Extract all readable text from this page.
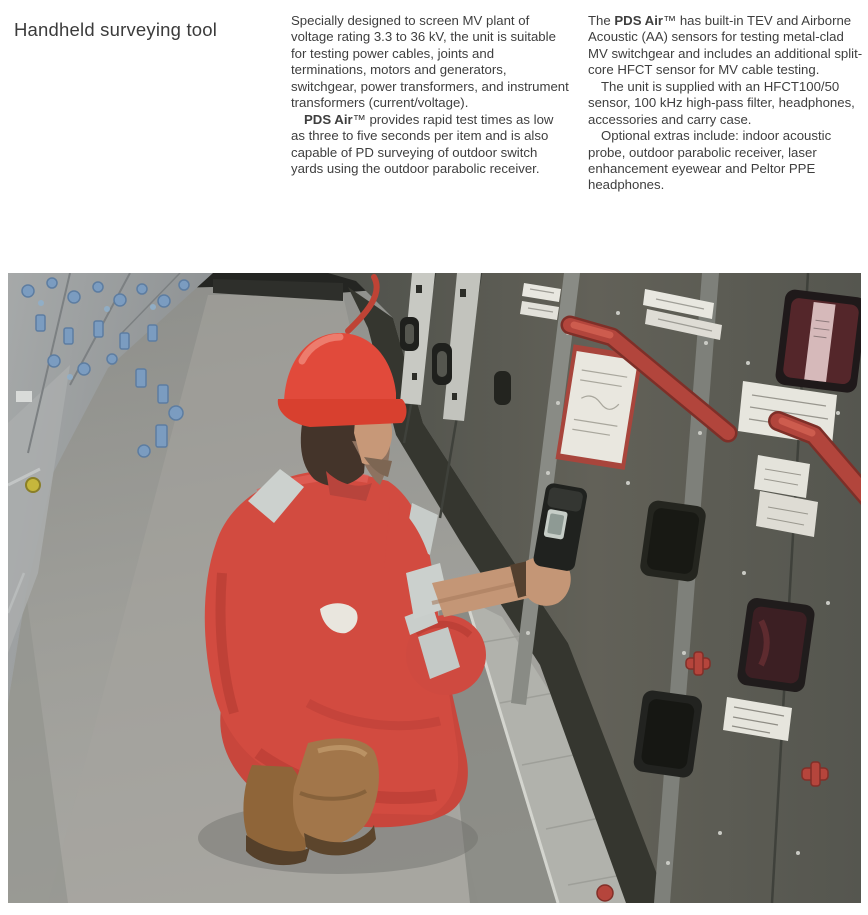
Handheld surveying tool	Specially designed to screen MV plant of voltage rating 3.3 to 36 kV, the unit is suitable for testing power cables, joints and terminations, motors and generators, switchgear, power transformers, and instrument transformers (current/voltage).

PDS Air™ provides rapid test times as low as three to five seconds per item and is also capable of PD surveying of outdoor switch yards using the outdoor parabolic receiver.

The PDS Air™ has built-in TEV and Airborne Acoustic (AA) sensors for testing metal-clad MV switchgear and includes an additional split-core HFCT sensor for MV cable testing.

The unit is supplied with an HFCT100/50 sensor, 100 kHz high-pass filter, headphones, accessories and carry case.

Optional extras include: indoor acoustic probe, outdoor parabolic receiver, laser enhancement eyewear and Peltor PPE headphones.
